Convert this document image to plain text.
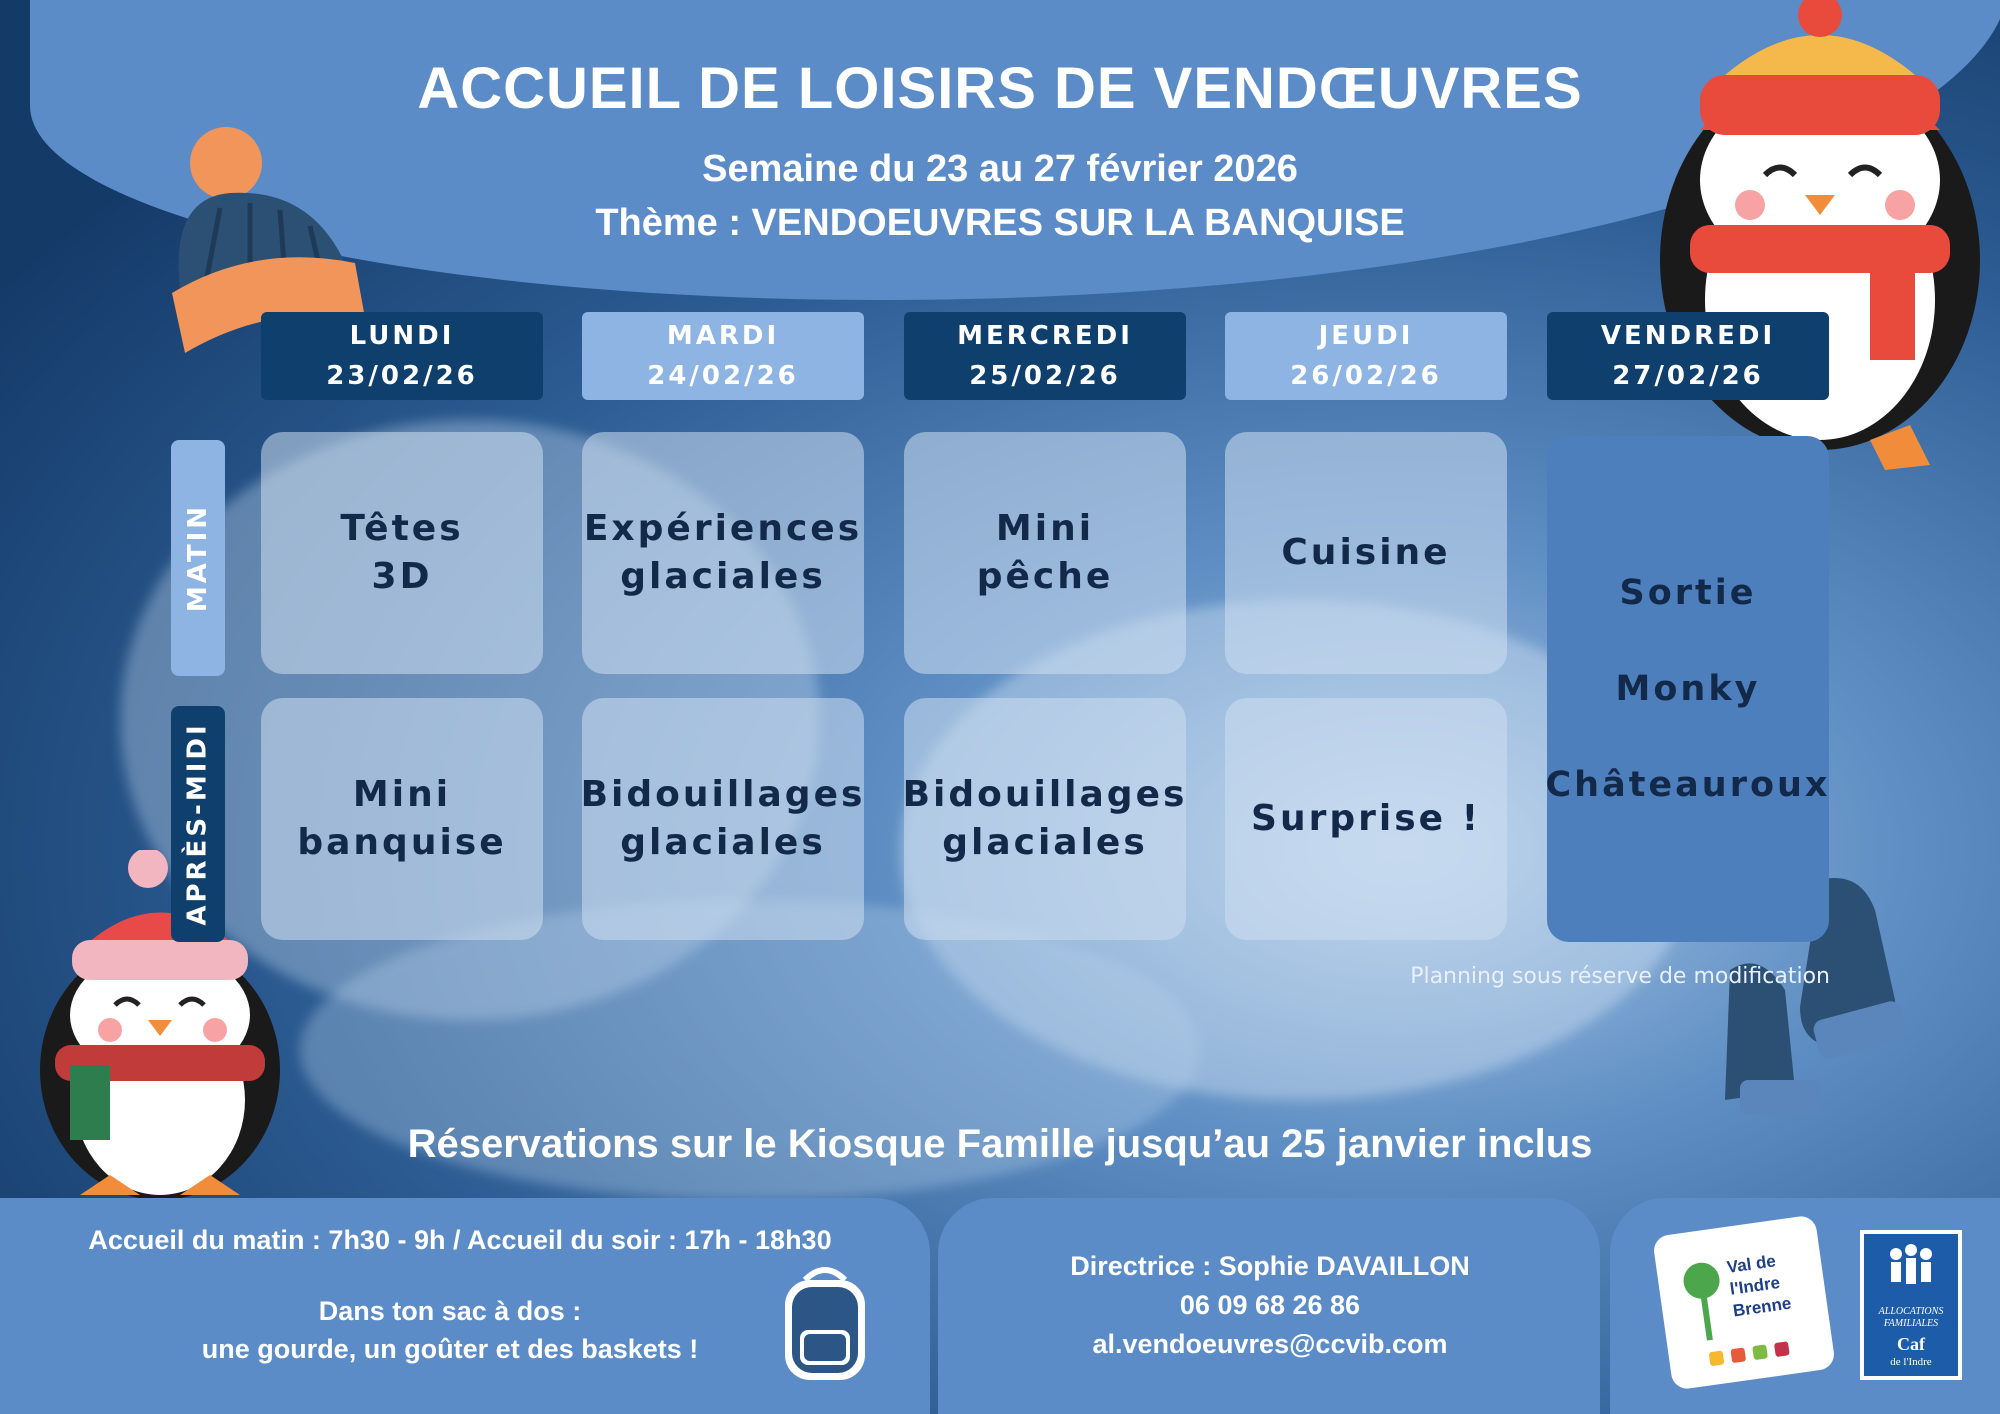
ACCUEIL DE LOISIRS DE VENDŒUVRES
Semaine du 23 au 27 février 2026
Thème : VENDOEUVRES SUR LA BANQUISE
LUNDI
23/02/26
MARDI
24/02/26
MERCREDI
25/02/26
JEUDI
26/02/26
VENDREDI
27/02/26
MATIN
APRÈS-MIDI
Têtes
3D
Expériences
glaciales
Mini
pêche
Cuisine
Mini
banquise
Bidouillages
glaciales
Bidouillages
glaciales
Surprise !
Sortie
Monky
Châteauroux
Planning sous réserve de modification
Réservations sur le Kiosque Famille jusqu’au 25 janvier inclus
Accueil du matin : 7h30 - 9h / Accueil du soir : 17h - 18h30
Dans ton sac à dos :
une gourde, un goûter et des baskets !
Directrice : Sophie DAVAILLON
06 09 68 26 86
al.vendoeuvres@ccvib.com
Val de
l'Indre
Brenne	ALLOCATIONS
FAMILIALES
Caf
de l'Indre
